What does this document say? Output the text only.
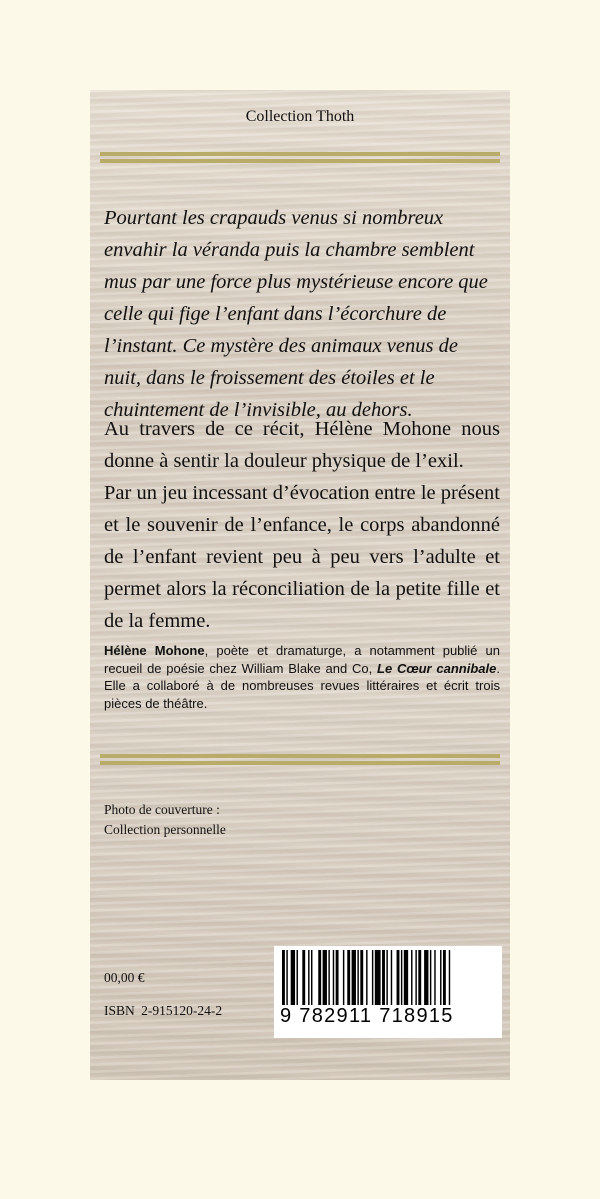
Collection Thoth

Pourtant les crapauds venus si nombreux envahir la véranda puis la chambre semblent mus par une force plus mystérieuse encore que celle qui fige l’enfant dans l’écorchure de l’instant. Ce mystère des animaux venus de nuit, dans le froissement des étoiles et le chuintement de l’invisible, au dehors.

Au travers de ce récit, Hélène Mohone nous donne à sentir la douleur physique de l’exil.
Par un jeu incessant d’évocation entre le présent et le souvenir de l’enfance, le corps abandonné de l’enfant revient peu à peu vers l’adulte et permet alors la réconciliation de la petite fille et de la femme.

Hélène Mohone, poète et dramaturge, a notamment publié un recueil de poésie chez William Blake and Co, Le Cœur cannibale. Elle a collaboré à de nombreuses revues littéraires et écrit trois pièces de théâtre.

Photo de couverture :
Collection personnelle
00,00 €
ISBN 2-915120-24-2	9 782911 718915
